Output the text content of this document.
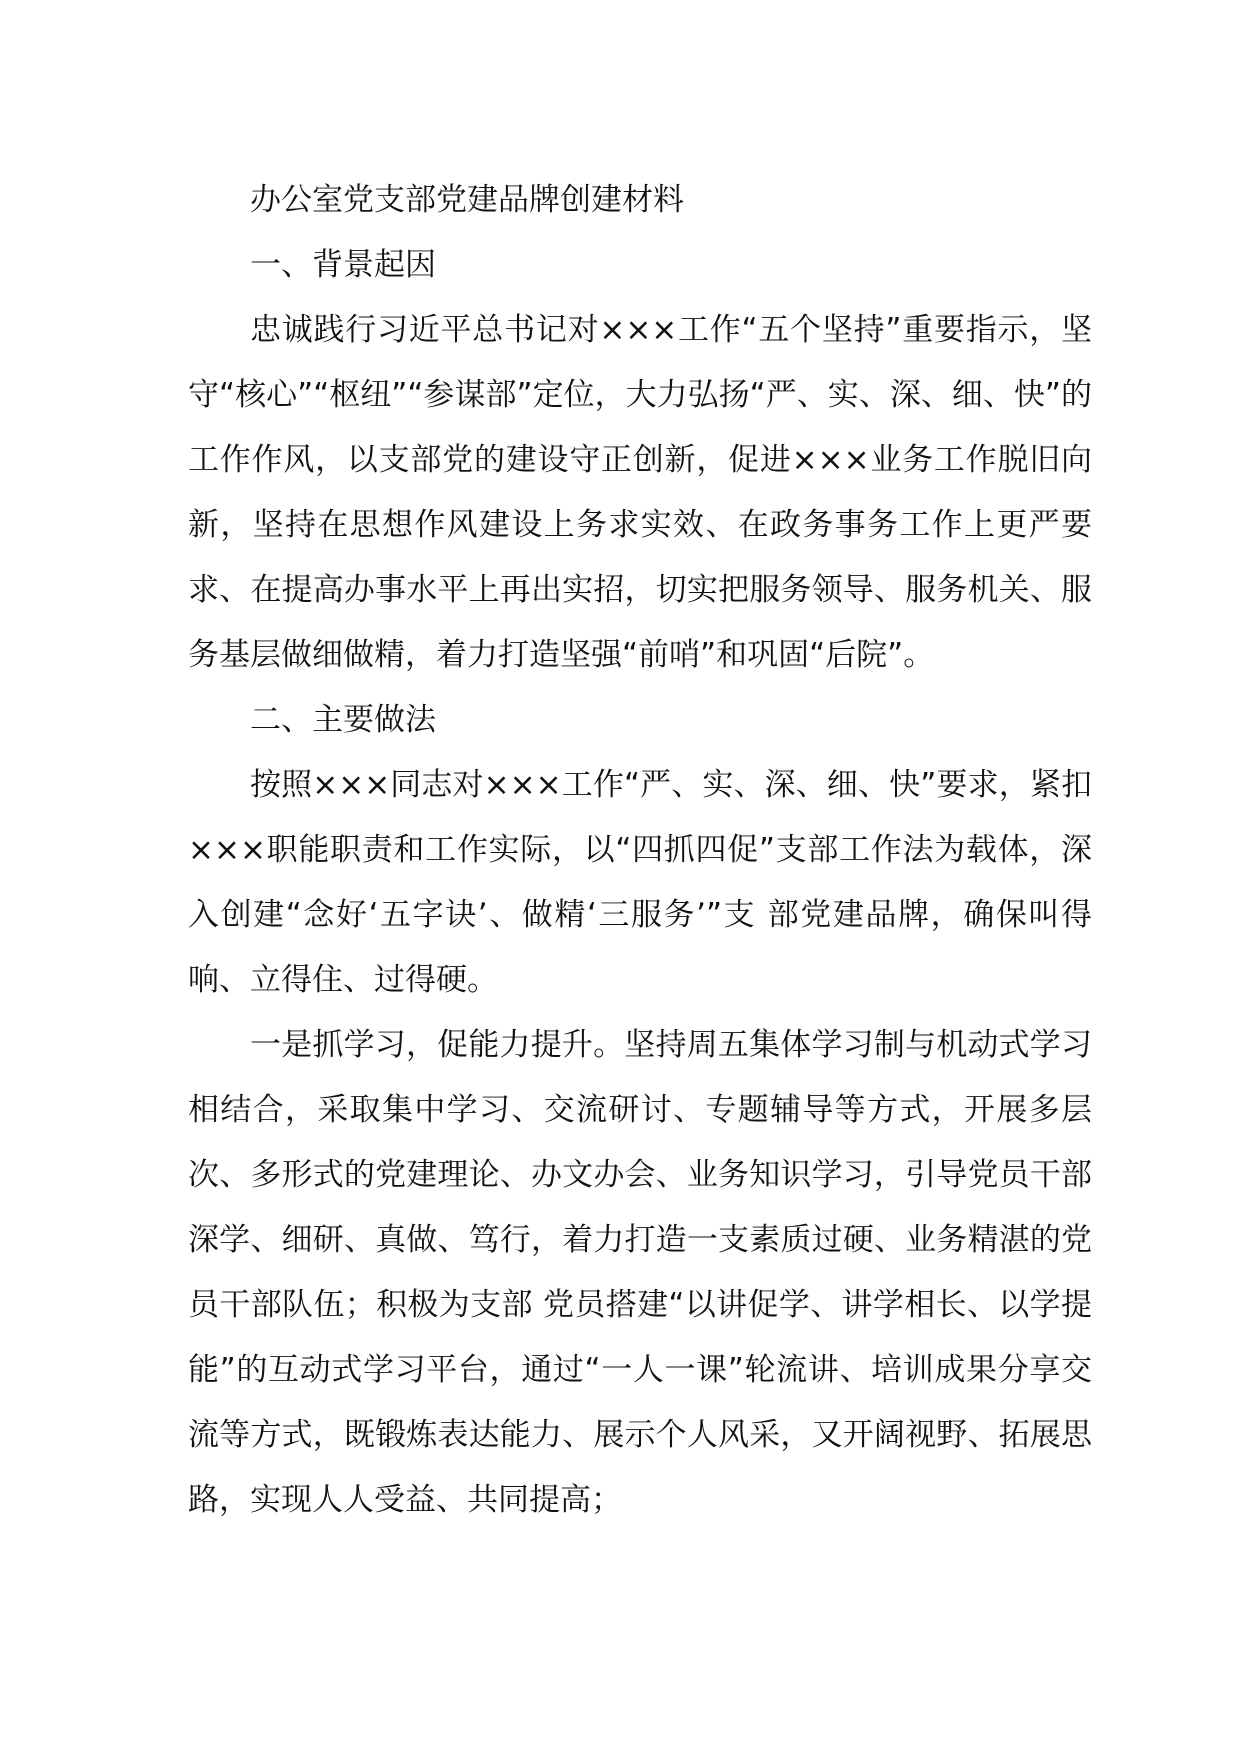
办公室党支部党建品牌创建材料

一、背景起因

忠诚践行习近平总书记对×××工作“五个坚持”重要指示，坚守“核心”“枢纽”“参谋部”定位，大力弘扬“严、实、深、细、快”的工作作风，以支部党的建设守正创新，促进×××业务工作脱旧向新，坚持在思想作风建设上务求实效、在政务事务工作上更严要求、在提高办事水平上再出实招，切实把服务领导、服务机关、服务基层做细做精，着力打造坚强“前哨”和巩固“后院”。

二、主要做法

按照×××同志对×××工作“严、实、深、细、快”要求，紧扣×××职能职责和工作实际，以“四抓四促”支部工作法为载体，深入创建“念好‘五字诀’、做精‘三服务’”支 部党建品牌，确保叫得响、立得住、过得硬。

一是抓学习，促能力提升。坚持周五集体学习制与机动式学习相结合，采取集中学习、交流研讨、专题辅导等方式，开展多层次、多形式的党建理论、办文办会、业务知识学习，引导党员干部深学、细研、真做、笃行，着力打造一支素质过硬、业务精湛的党员干部队伍；积极为支部 党员搭建“以讲促学、讲学相长、以学提能”的互动式学习平台，通过“一人一课”轮流讲、培训成果分享交流等方式，既锻炼表达能力、展示个人风采，又开阔视野、拓展思路，实现人人受益、共同提高；
